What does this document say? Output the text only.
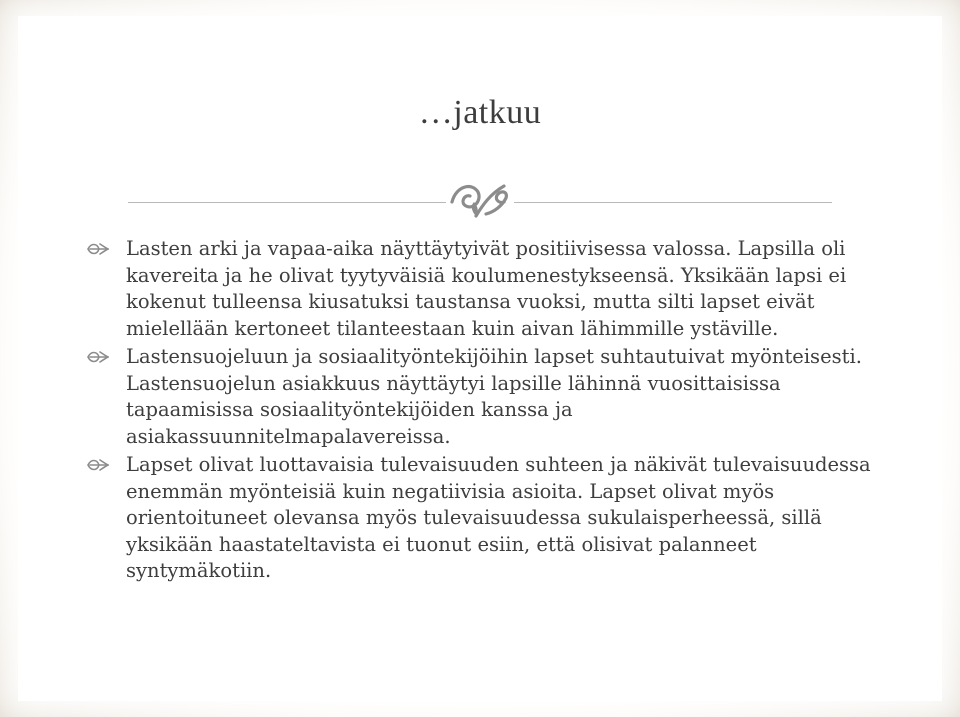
…jatkuu
Lasten arki ja vapaa-aika näyttäytyivät positiivisessa valossa. Lapsilla oli kavereita ja he olivat tyytyväisiä koulumenestykseensä. Yksikään lapsi ei kokenut tulleensa kiusatuksi taustansa vuoksi, mutta silti lapset eivät mielellään kertoneet tilanteestaan kuin aivan lähimmille ystäville.
Lastensuojeluun ja sosiaalityöntekijöihin lapset suhtautuivat myönteisesti. Lastensuojelun asiakkuus näyttäytyi lapsille lähinnä vuosittaisissa tapaamisissa sosiaalityöntekijöiden kanssa ja asiakassuunnitelmapalavereissa.
Lapset olivat luottavaisia tulevaisuuden suhteen ja näkivät tulevaisuudessa enemmän myönteisiä kuin negatiivisia asioita. Lapset olivat myös orientoituneet olevansa myös tulevaisuudessa sukulaisperheessä, sillä yksikään haastateltavista ei tuonut esiin, että olisivat palanneet syntymäkotiin.
